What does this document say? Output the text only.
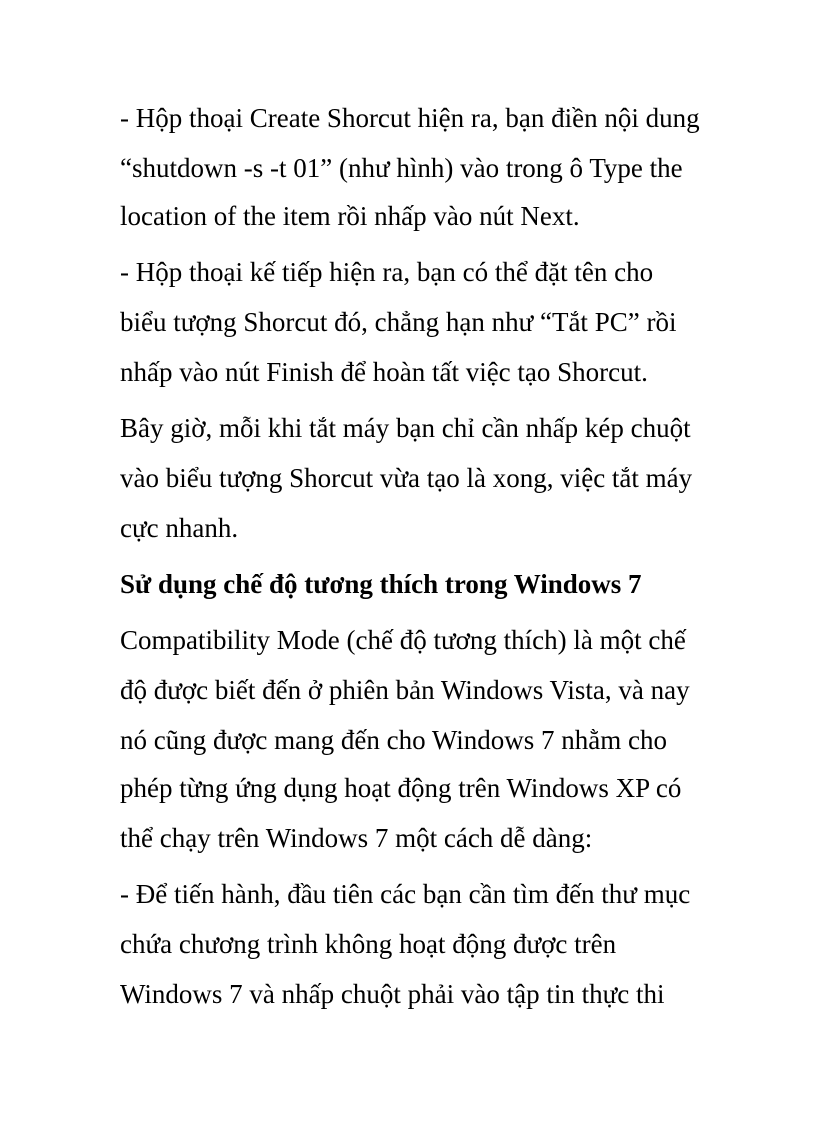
- Hộp thoại Create Shorcut hiện ra, bạn điền nội dung

“shutdown -s -t 01” (như hình) vào trong ô Type the

location of the item rồi nhấp vào nút Next.

- Hộp thoại kế tiếp hiện ra, bạn có thể đặt tên cho

biểu tượng Shorcut đó, chẳng hạn như “Tắt PC” rồi

nhấp vào nút Finish để hoàn tất việc tạo Shorcut.

Bây giờ, mỗi khi tắt máy bạn chỉ cần nhấp kép chuột

vào biểu tượng Shorcut vừa tạo là xong, việc tắt máy

cực nhanh.

Sử dụng chế độ tương thích trong Windows 7

Compatibility Mode (chế độ tương thích) là một chế

độ được biết đến ở phiên bản Windows Vista, và nay

nó cũng được mang đến cho Windows 7 nhằm cho

phép từng ứng dụng hoạt động trên Windows XP có

thể chạy trên Windows 7 một cách dễ dàng:

- Để tiến hành, đầu tiên các bạn cần tìm đến thư mục

chứa chương trình không hoạt động được trên

Windows 7 và nhấp chuột phải vào tập tin thực thi
